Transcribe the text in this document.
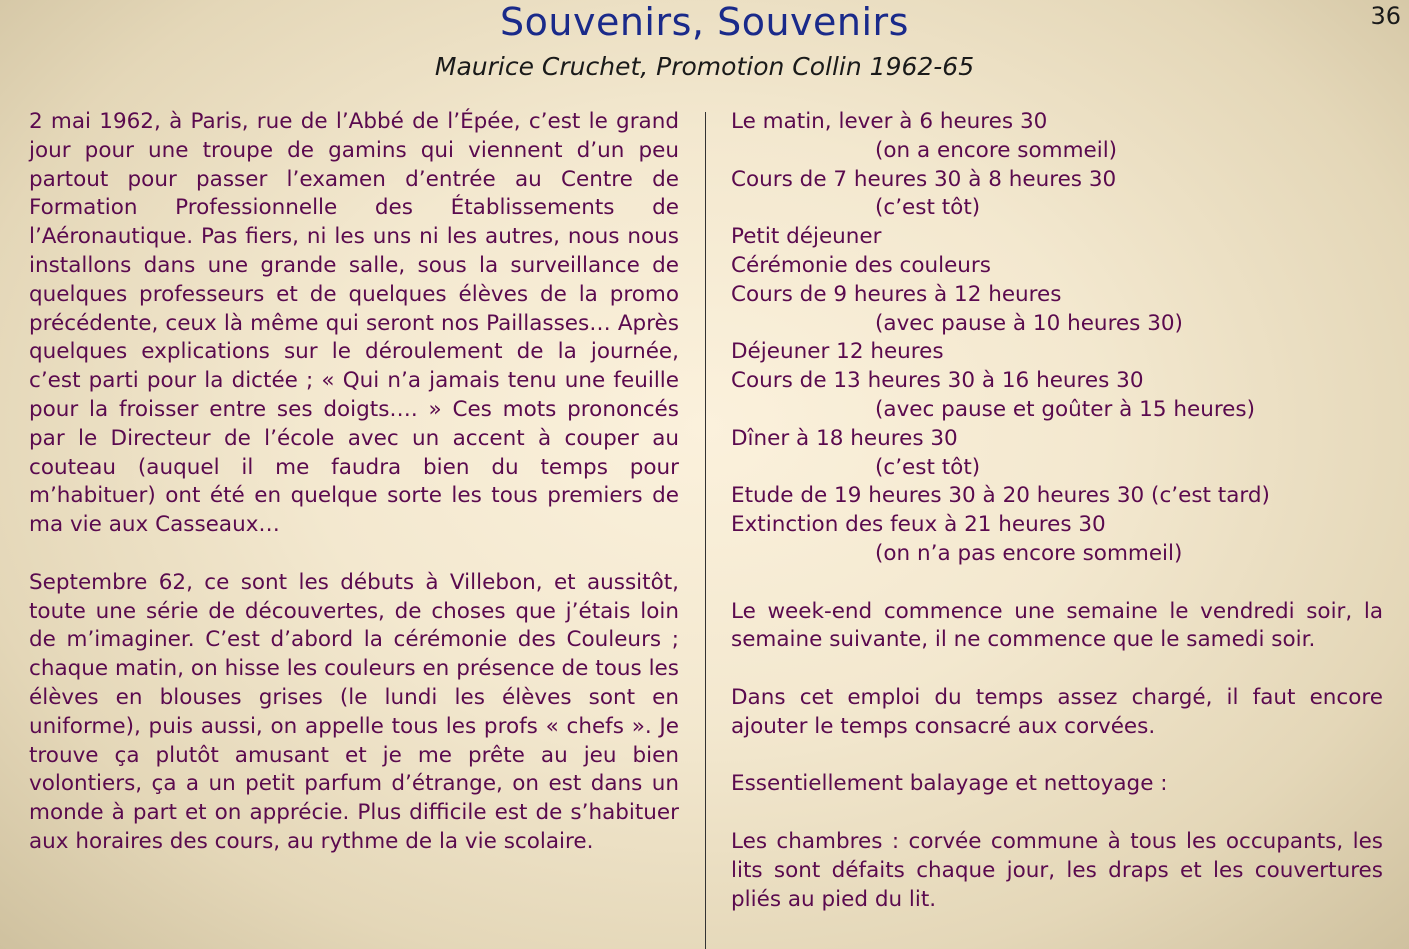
36
Souvenirs, Souvenirs
Maurice Cruchet, Promotion Collin 1962-65

2 mai 1962, à Paris, rue de l’Abbé de l’Épée, c’est le grand jour pour une troupe de gamins qui viennent d’un peu partout pour passer l’examen d’entrée au Centre de Formation Professionnelle des Établissements de l’Aéronautique. Pas fiers, ni les uns ni les autres, nous nous installons dans une grande salle, sous la surveillance de quelques professeurs et de quelques élèves de la promo précédente, ceux là même qui seront nos Paillasses… Après quelques explications sur le déroulement de la journée, c’est parti pour la dictée ; « Qui n’a jamais tenu une feuille pour la froisser entre ses doigts…. » Ces mots prononcés par le Directeur de l’école avec un accent à couper au couteau (auquel il me faudra bien du temps pour m’habituer) ont été en quelque sorte les tous premiers de ma vie aux Casseaux…

Septembre 62, ce sont les débuts à Villebon, et aussitôt, toute une série de découvertes, de choses que j’étais loin de m’imaginer. C’est d’abord la cérémonie des Couleurs ; chaque matin, on hisse les couleurs en présence de tous les élèves en blouses grises (le lundi les élèves sont en uniforme), puis aussi, on appelle tous les profs « chefs ». Je trouve ça plutôt amusant et je me prête au jeu bien volontiers, ça a un petit parfum d’étrange, on est dans un monde à part et on apprécie. Plus difficile est de s’habituer aux horaires des cours, au rythme de la vie scolaire.

Le matin, lever à 6 heures 30

(on a encore sommeil)

Cours de 7 heures 30 à 8 heures 30

(c’est tôt)

Petit déjeuner

Cérémonie des couleurs

Cours de 9 heures à 12 heures

(avec pause à 10 heures 30)

Déjeuner 12 heures

Cours de 13 heures 30 à 16 heures 30

(avec pause et goûter à 15 heures)

Dîner à 18 heures 30

(c’est tôt)

Etude de 19 heures 30 à 20 heures 30 (c’est tard)

Extinction des feux à 21 heures 30

(on n’a pas encore sommeil)

Le week-end commence une semaine le vendredi soir, la semaine suivante, il ne commence que le samedi soir.

Dans cet emploi du temps assez chargé, il faut encore ajouter le temps consacré aux corvées.

Essentiellement balayage et nettoyage :

Les chambres : corvée commune à tous les occupants, les lits sont défaits chaque jour, les draps et les couvertures pliés au pied du lit.
